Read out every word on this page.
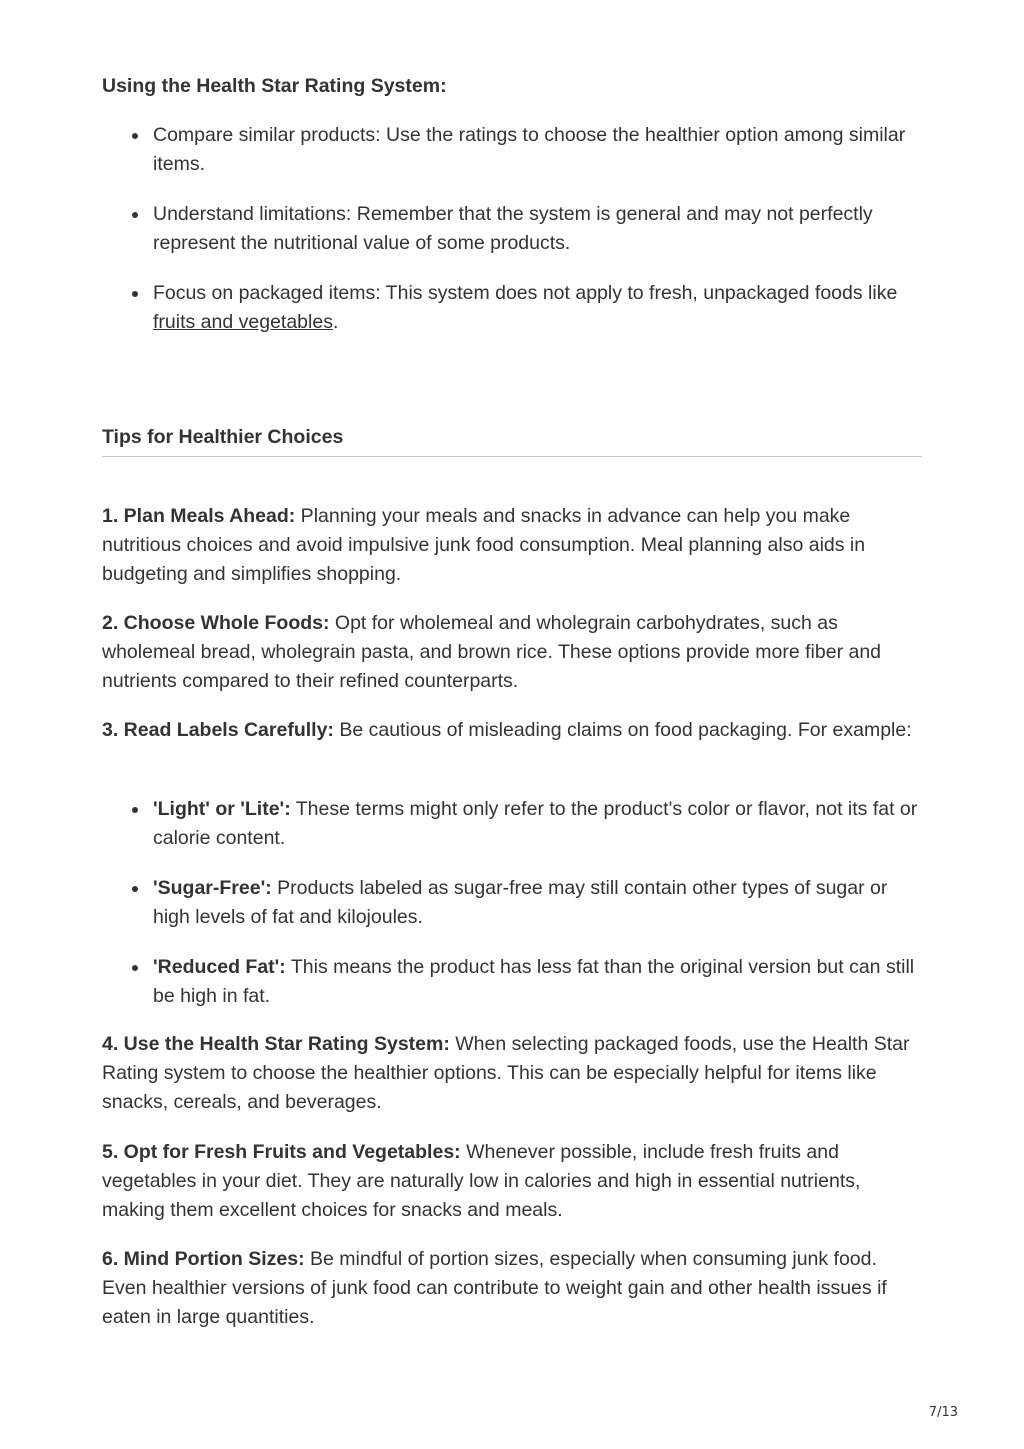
Using the Health Star Rating System:
Compare similar products: Use the ratings to choose the healthier option among similar items.
Understand limitations: Remember that the system is general and may not perfectly represent the nutritional value of some products.
Focus on packaged items: This system does not apply to fresh, unpackaged foods like fruits and vegetables.
Tips for Healthier Choices

1. Plan Meals Ahead: Planning your meals and snacks in advance can help you make nutritious choices and avoid impulsive junk food consumption. Meal planning also aids in budgeting and simplifies shopping.

2. Choose Whole Foods: Opt for wholemeal and wholegrain carbohydrates, such as wholemeal bread, wholegrain pasta, and brown rice. These options provide more fiber and nutrients compared to their refined counterparts.

3. Read Labels Carefully: Be cautious of misleading claims on food packaging. For example:

'Light' or 'Lite': These terms might only refer to the product's color or flavor, not its fat or calorie content.
'Sugar-Free': Products labeled as sugar-free may still contain other types of sugar or high levels of fat and kilojoules.
'Reduced Fat': This means the product has less fat than the original version but can still be high in fat.

4. Use the Health Star Rating System: When selecting packaged foods, use the Health Star Rating system to choose the healthier options. This can be especially helpful for items like snacks, cereals, and beverages.

5. Opt for Fresh Fruits and Vegetables: Whenever possible, include fresh fruits and vegetables in your diet. They are naturally low in calories and high in essential nutrients, making them excellent choices for snacks and meals.

6. Mind Portion Sizes: Be mindful of portion sizes, especially when consuming junk food. Even healthier versions of junk food can contribute to weight gain and other health issues if eaten in large quantities.

7/13
